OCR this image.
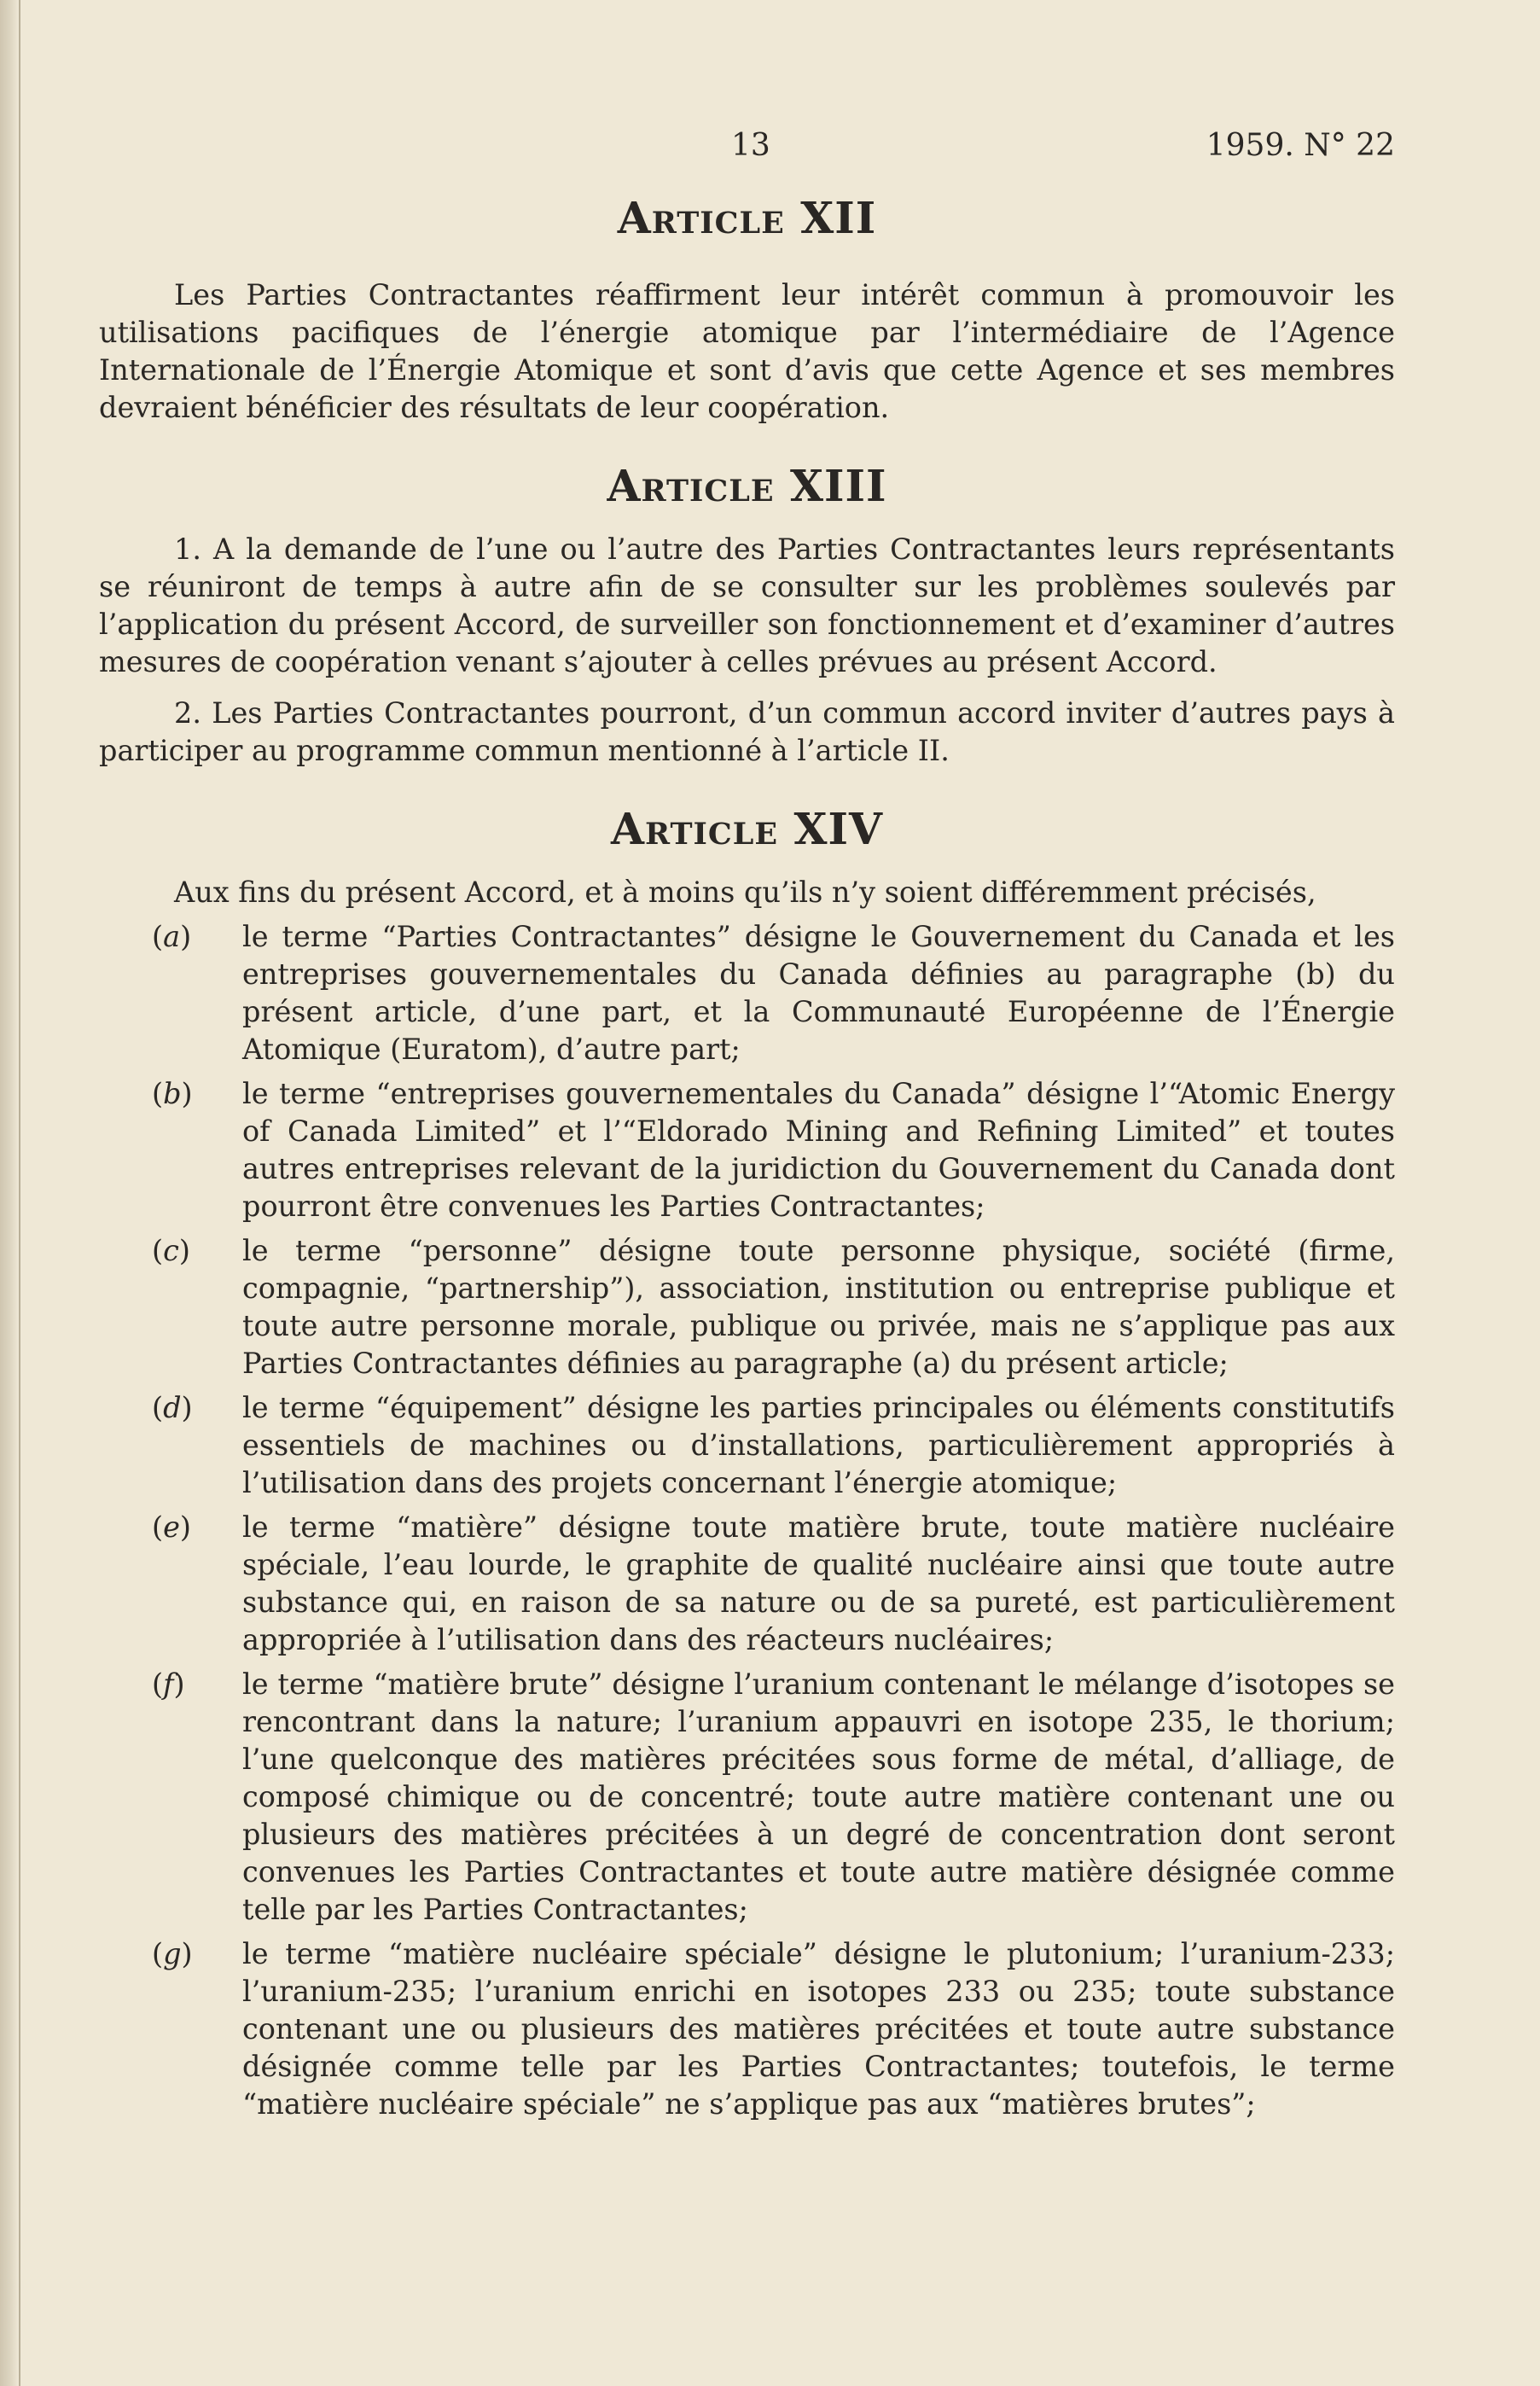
13	1959. N° 22
Article XII

Les Parties Contractantes réaffirment leur intérêt commun à promouvoir les utilisations pacifiques de l’énergie atomique par l’intermédiaire de l’Agence Internationale de l’Énergie Atomique et sont d’avis que cette Agence et ses membres devraient bénéficier des résultats de leur coopération.

Article XIII

1. A la demande de l’une ou l’autre des Parties Contractantes leurs représentants se réuniront de temps à autre afin de se consulter sur les problèmes soulevés par l’application du présent Accord, de surveiller son fonctionnement et d’examiner d’autres mesures de coopération venant s’ajouter à celles prévues au présent Accord.

2. Les Parties Contractantes pourront, d’un commun accord inviter d’autres pays à participer au programme commun mentionné à l’article II.

Article XIV

Aux fins du présent Accord, et à moins qu’ils n’y soient différemment précisés,

(a) le terme “Parties Contractantes” désigne le Gouvernement du Canada et les entreprises gouvernementales du Canada définies au paragraphe (b) du présent article, d’une part, et la Communauté Européenne de l’Énergie Atomique (Euratom), d’autre part;
(b) le terme “entreprises gouvernementales du Canada” désigne l’“Atomic Energy of Canada Limited” et l’“Eldorado Mining and Refining Limited” et toutes autres entreprises relevant de la juridiction du Gouvernement du Canada dont pourront être convenues les Parties Contractantes;
(c) le terme “personne” désigne toute personne physique, société (firme, compagnie, “partnership”), association, institution ou entreprise publique et toute autre personne morale, publique ou privée, mais ne s’applique pas aux Parties Contractantes définies au paragraphe (a) du présent article;
(d) le terme “équipement” désigne les parties principales ou éléments constitutifs essentiels de machines ou d’installations, particulièrement appropriés à l’utilisation dans des projets concernant l’énergie atomique;
(e) le terme “matière” désigne toute matière brute, toute matière nucléaire spéciale, l’eau lourde, le graphite de qualité nucléaire ainsi que toute autre substance qui, en raison de sa nature ou de sa pureté, est particulièrement appropriée à l’utilisation dans des réacteurs nucléaires;
(f) le terme “matière brute” désigne l’uranium contenant le mélange d’isotopes se rencontrant dans la nature; l’uranium appauvri en isotope 235, le thorium; l’une quelconque des matières précitées sous forme de métal, d’alliage, de composé chimique ou de concentré; toute autre matière contenant une ou plusieurs des matières précitées à un degré de concentration dont seront convenues les Parties Contractantes et toute autre matière désignée comme telle par les Parties Contractantes;
(g) le terme “matière nucléaire spéciale” désigne le plutonium; l’uranium-233; l’uranium-235; l’uranium enrichi en isotopes 233 ou 235; toute substance contenant une ou plusieurs des matières précitées et toute autre substance désignée comme telle par les Parties Contractantes; toutefois, le terme “matière nucléaire spéciale” ne s’applique pas aux “matières brutes”;
